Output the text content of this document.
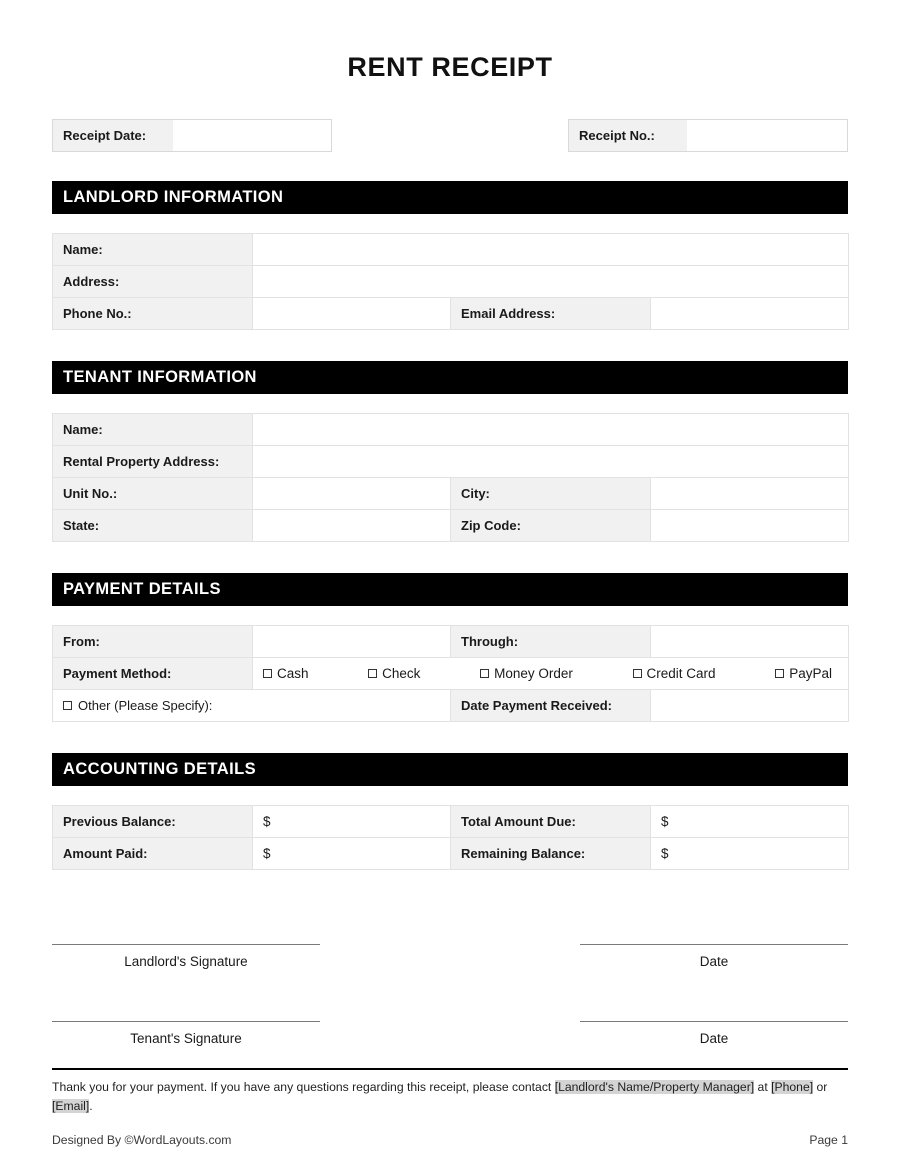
RENT RECEIPT
Receipt Date:	Receipt No.:
LANDLORD INFORMATION
Name:			
Address:			
Phone No.:		Email Address:	
TENANT INFORMATION
Name:			
Rental Property Address:			
Unit No.:		City:	
State:		Zip Code:	
PAYMENT DETAILS
From:		Through:	
Payment Method:	Cash Check Money Order Credit Card PayPal		

Other (Please Specify):		Date Payment Received:	
ACCOUNTING DETAILS
Previous Balance:	$	Total Amount Due:	$
Amount Paid:	$	Remaining Balance:	$
Landlord's Signature	Date
Tenant's Signature	Date
Thank you for your payment. If you have any questions regarding this receipt, please contact [Landlord's Name/Property Manager] at [Phone] or [Email].
Designed By ©WordLayouts.com	Page 1
